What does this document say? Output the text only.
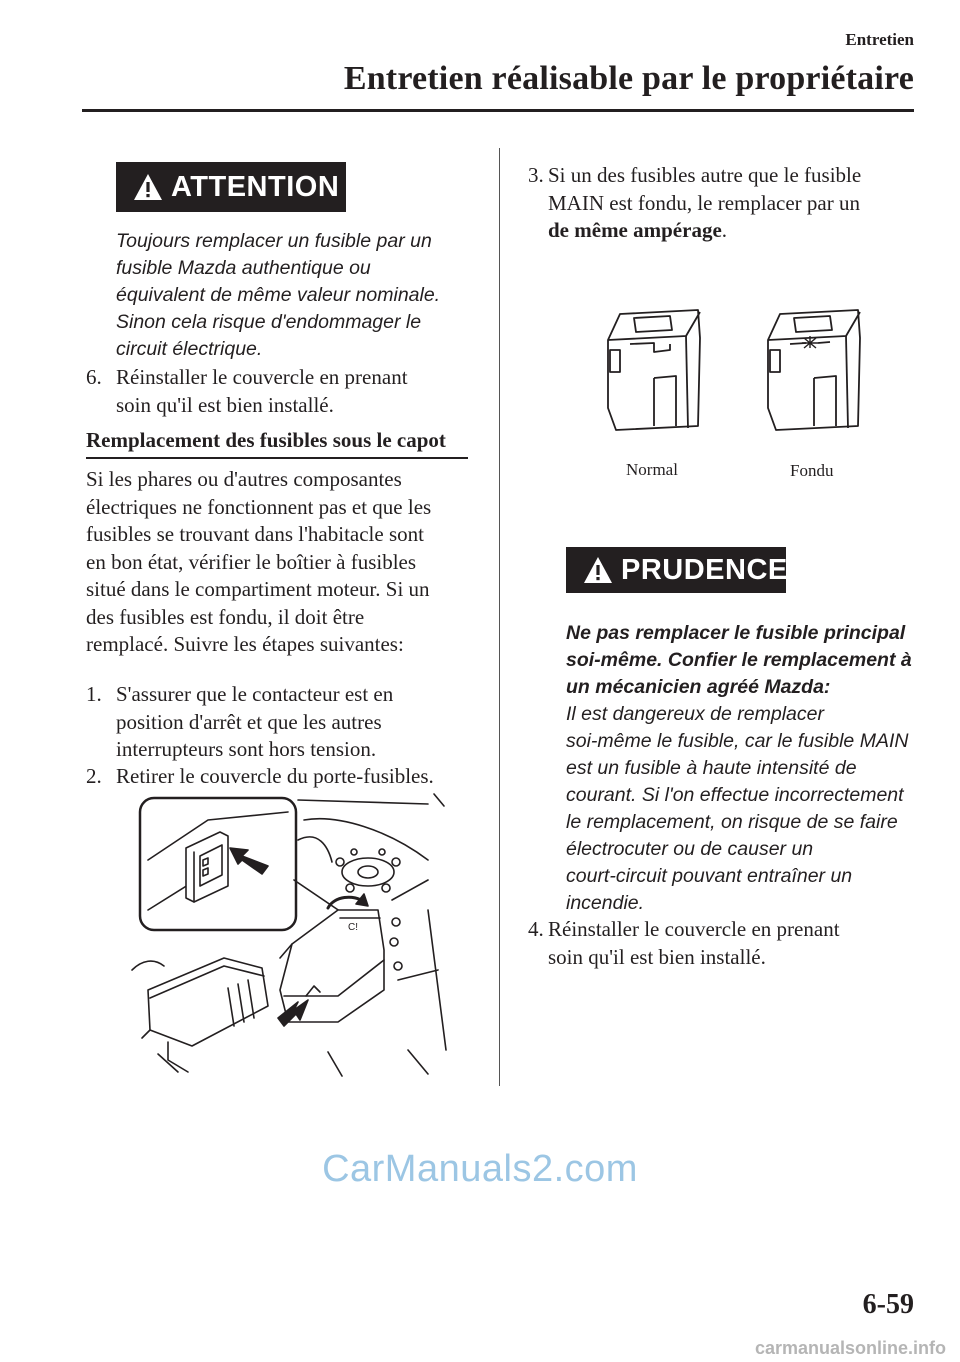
Entretien
Entretien réalisable par le propriétaire
ATTENTION
Toujours remplacer un fusible par un
fusible Mazda authentique ou
équivalent de même valeur nominale.
Sinon cela risque d'endommager le
circuit électrique.
6. Réinstaller le couvercle en prenant
soin qu'il est bien installé.
Remplacement des fusibles sous le capot
Si les phares ou d'autres composantes
électriques ne fonctionnent pas et que les
fusibles se trouvant dans l'habitacle sont
en bon état, vérifier le boîtier à fusibles
situé dans le compartiment moteur. Si un
des fusibles est fondu, il doit être
remplacé. Suivre les étapes suivantes:
1. S'assurer que le contacteur est en
position d'arrêt et que les autres
interrupteurs sont hors tension.
2. Retirer le couvercle du porte-fusibles.
C!
3. Si un des fusibles autre que le fusible
MAIN est fondu, le remplacer par un
de même ampérage.
Normal	Fondu
PRUDENCE
Ne pas remplacer le fusible principal
soi-même. Confier le remplacement à
un mécanicien agréé Mazda:
Il est dangereux de remplacer
soi-même le fusible, car le fusible MAIN
est un fusible à haute intensité de
courant. Si l'on effectue incorrectement
le remplacement, on risque de se faire
électrocuter ou de causer un
court-circuit pouvant entraîner un
incendie.
4. Réinstaller le couvercle en prenant
soin qu'il est bien installé.
CarManuals2.com
6-59
carmanualsonline.info
